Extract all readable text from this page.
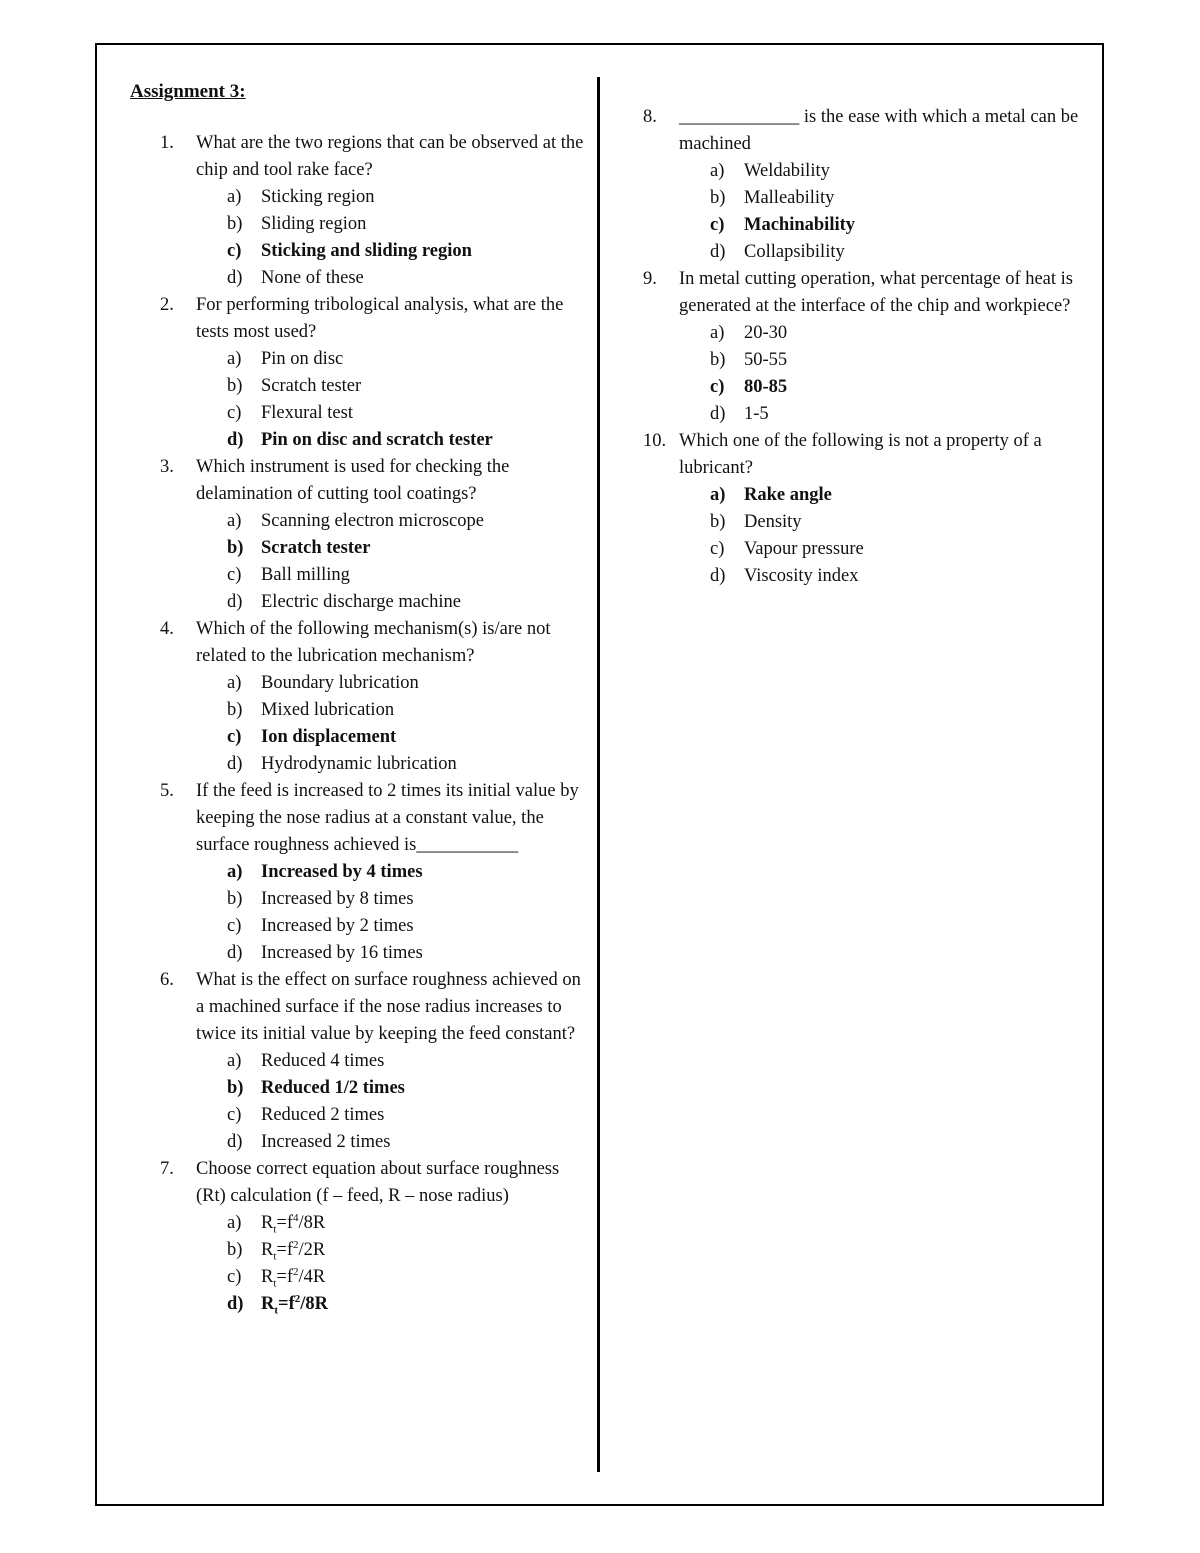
Assignment 3:
1.	What are the two regions that can be observed at the chip and tool rake face?
a)	Sticking region
b)	Sliding region
c)	Sticking and sliding region
d)	None of these
2.	For performing tribological analysis, what are the tests most used?
a)	Pin on disc
b)	Scratch tester
c)	Flexural test
d) Pin on disc and scratch tester
3.	Which instrument is used for checking the delamination of cutting tool coatings?
a)	Scanning electron microscope
b) Scratch tester
c)	Ball milling
d)	Electric discharge machine
4.	Which of the following mechanism(s) is/are not related to the lubrication mechanism?
a)	Boundary lubrication
b)	Mixed lubrication
c)	Ion displacement
d)	Hydrodynamic lubrication
5.	If the feed is increased to 2 times its initial value by keeping the nose radius at a constant value, the surface roughness achieved is___________
a)	Increased by 4 times
b)	Increased by 8 times
c)	Increased by 2 times
d)	Increased by 16 times
6.	What is the effect on surface roughness achieved on a machined surface if the nose radius increases to twice its initial value by keeping the feed constant?
a)	Reduced 4 times
b) Reduced 1/2 times
c)	Reduced 2 times
d)	Increased 2 times
7.	Choose correct equation about surface roughness (Rt) calculation (f – feed, R – nose radius)
a)	$R_t=f^4/8R$
b)	$R_t=f^2/2R$
c)	$R_t=f^2/4R$
d) $R_t=f^2/8R$
8.	_____________ is the ease with which a metal can be machined
a)	Weldability
b)	Malleability
c)	Machinability
d)	Collapsibility
9.	In metal cutting operation, what percentage of heat is generated at the interface of the chip and workpiece?
a)	20-30
b)	50-55
c)	80-85
d)	1-5
10. Which one of the following is not a property of a lubricant?
a)	Rake angle
b)	Density
c)	Vapour pressure
d)	Viscosity index
